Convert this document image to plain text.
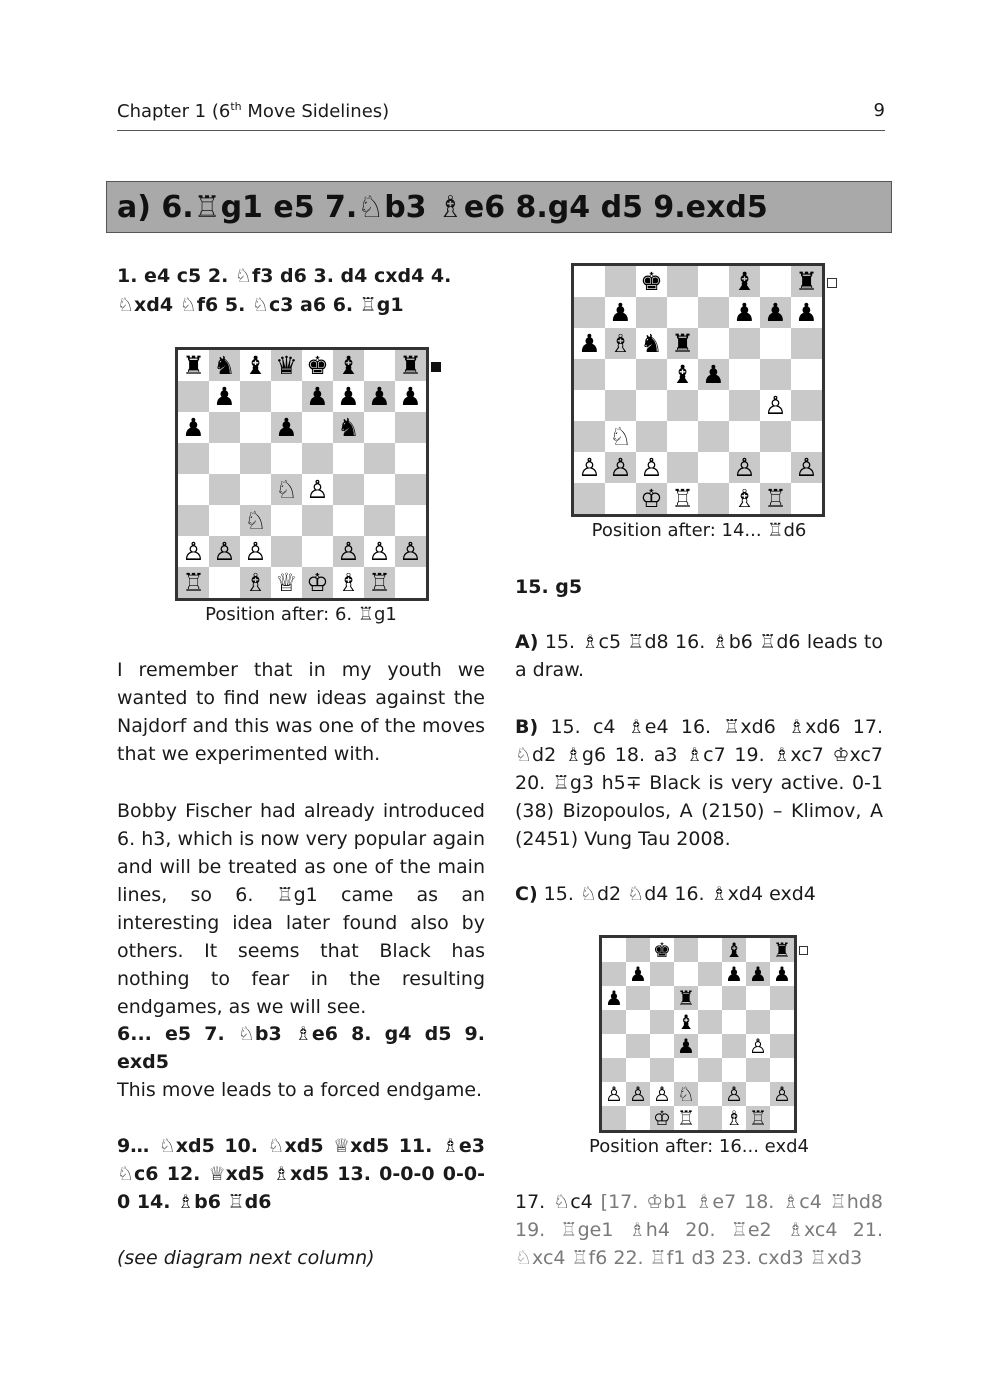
Chapter 1 (6th Move Sidelines)	9
a) 6.♖g1 e5 7.♘b3 ♗e6 8.g4 d5 9.exd5

1. e4 c5 2. ♘f3 d6 3. d4 cxd4 4. ♘xd4 ♘f6 5. ♘c3 a6 6. ♖g1

♜ ♞ ♝ ♛ ♚ ♝ ♜
♟	♟ ♟ ♟ ♟
♟	♟ ♞
♘ ♙
♘
♙ ♙ ♙	♙ ♙ ♙
♖ ♗ ♕ ♔ ♗ ♖
Position after: 6. ♖g1

I remember that in my youth we wanted to find new ideas against the Najdorf and this was one of the moves that we experimented with.

Bobby Fischer had already introduced 6. h3, which is now very popular again and will be treated as one of the main lines, so 6. ♖g1 came as an interesting idea later found also by others. It seems that Black has nothing to fear in the resulting endgames, as we will see.

6... e5 7. ♘b3 ♗e6 8. g4 d5 9. exd5

This move leads to a forced endgame.

9… ♘xd5 10. ♘xd5 ♕xd5 11. ♗e3 ♘c6 12. ♕xd5 ♗xd5 13. 0-0-0 0-0-0 14. ♗b6 ♖d6

(see diagram next column)

♚	♝ ♜
♟	♟ ♟ ♟
♟ ♗ ♞ ♜
♝ ♟
♙
♘
♙ ♙ ♙	♙ ♙
♔ ♖ ♗ ♖
Position after: 14... ♖d6

15. g5

A) 15. ♗c5 ♖d8 16. ♗b6 ♖d6 leads to a draw.

B) 15. c4 ♗e4 16. ♖xd6 ♗xd6 17. ♘d2 ♗g6 18. a3 ♗c7 19. ♗xc7 ♔xc7 20. ♖g3 h5∓ Black is very active. 0-1 (38) Bizopoulos, A (2150) – Klimov, A (2451) Vung Tau 2008.

C) 15. ♘d2 ♘d4 16. ♗xd4 exd4

♚	♝ ♜
♟	♟ ♟ ♟
♟	♜
♝
♟	♙
♙ ♙ ♙ ♘ ♙ ♙
♔ ♖ ♗ ♖
Position after: 16... exd4

17. ♘c4 [17. ♔b1 ♗e7 18. ♗c4 ♖hd8 19. ♖ge1 ♗h4 20. ♖e2 ♗xc4 21. ♘xc4 ♖f6 22. ♖f1 d3 23. cxd3 ♖xd3
